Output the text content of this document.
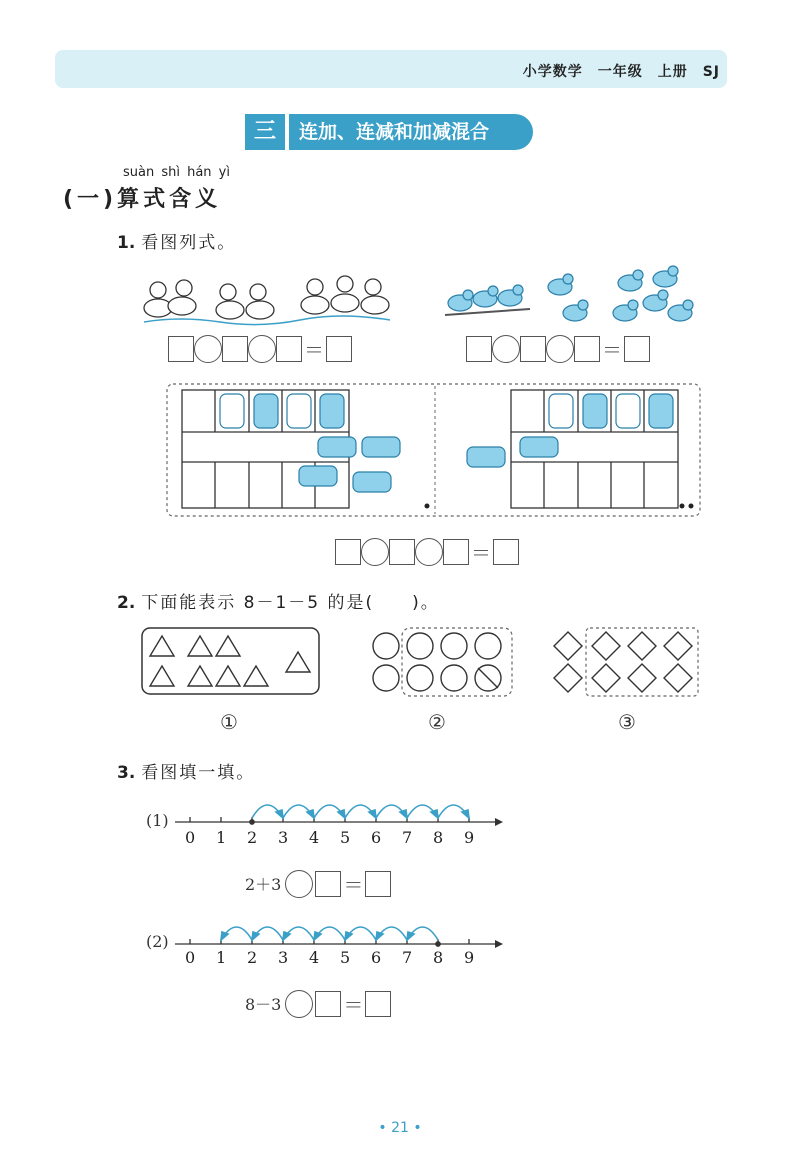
小学数学　一年级　上册　SJ
三	连加、连减和加减混合
suàn shì hán yì
(一)算式含义
1. 看图列式。
＝	＝
＝
2. 下面能表示 8－1－5 的是(　　)。
①	②	③
3. 看图填一填。
(1)
0 1 2 3 4 5 6 7 8 9
2＋3	＝
(2)
0 1 2 3 4 5 6 7 8 9
8－3	＝
• 21 •
